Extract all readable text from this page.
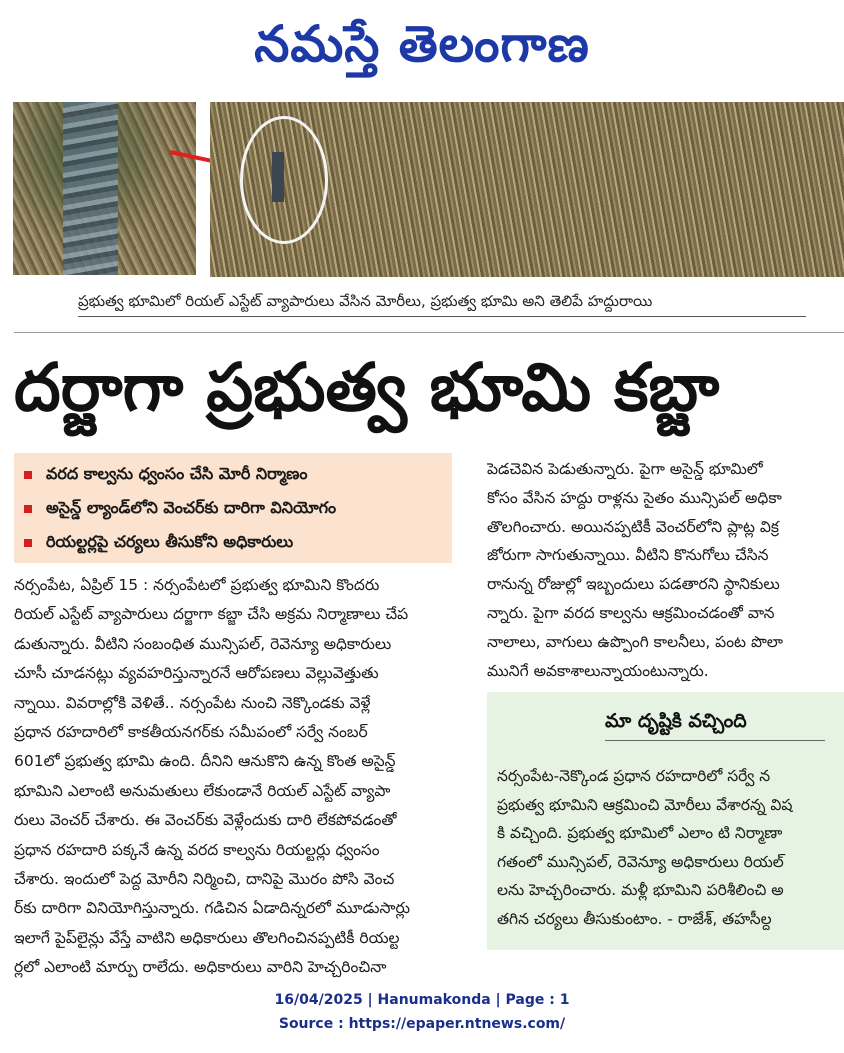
నమస్తే తెలంగాణ
ప్రభుత్వ భూమిలో రియల్ ఎస్టేట్ వ్యాపారులు వేసిన మోరీలు, ప్రభుత్వ భూమి అని తెలిపే హద్దురాయి
దర్జాగా ప్రభుత్వ భూమి కబ్జా
వరద కాల్వను ధ్వంసం చేసి మోరీ నిర్మాణం
అసైన్డ్ ల్యాండ్‌లోని వెంచర్‌కు దారిగా వినియోగం
రియల్టర్లపై చర్యలు తీసుకోని అధికారులు
నర్సంపేట, ఏప్రిల్ 15 : నర్సంపేటలో ప్రభుత్వ భూమిని కొందరు
రియల్ ఎస్టేట్ వ్యాపారులు దర్జాగా కబ్జా చేసి అక్రమ నిర్మాణాలు చేప
డుతున్నారు. వీటిని సంబంధిత మున్సిపల్, రెవెన్యూ అధికారులు
చూసీ చూడనట్లు వ్యవహరిస్తున్నారనే ఆరోపణలు వెల్లువెత్తుతు
న్నాయి. వివరాల్లోకి వెళితే.. నర్సంపేట నుంచి నెక్కొండకు వెళ్లే
ప్రధాన రహదారిలో కాకతీయనగర్‌కు సమీపంలో సర్వే నంబర్
601లో ప్రభుత్వ భూమి ఉంది. దీనిని ఆనుకొని ఉన్న కొంత అసైన్డ్
భూమిని ఎలాంటి అనుమతులు లేకుండానే రియల్ ఎస్టేట్ వ్యాపా
రులు వెంచర్ చేశారు. ఈ వెంచర్‌కు వెళ్లేందుకు దారి లేకపోవడంతో
ప్రధాన రహదారి పక్కనే ఉన్న వరద కాల్వను రియల్టర్లు ధ్వంసం
చేశారు. ఇందులో పెద్ద మోరీని నిర్మించి, దానిపై మొరం పోసి వెంచ
ర్‌కు దారిగా వినియోగిస్తున్నారు. గడిచిన ఏడాదిన్నరలో మూడుసార్లు
ఇలాగే పైప్‌లైన్లు వేస్తే వాటిని అధికారులు తొలగించినప్పటికీ రియల్ట
ర్లలో ఎలాంటి మార్పు రాలేదు. అధికారులు వారిని హెచ్చరించినా
పెడచెవిన పెడుతున్నారు. పైగా అసైన్డ్ భూమిలో
కోసం వేసిన హద్దు రాళ్లను సైతం మున్సిపల్ అధికా
తొలగించారు. అయినప్పటికీ వెంచర్‌లోని ప్లాట్ల విక్ర
జోరుగా సాగుతున్నాయి. వీటిని కొనుగోలు చేసిన
రానున్న రోజుల్లో ఇబ్బందులు పడతారని స్థానికులు
న్నారు. పైగా వరద కాల్వను ఆక్రమించడంతో వాన
నాలాలు, వాగులు ఉప్పొంగి కాలనీలు, పంట పొలా
మునిగే అవకాశాలున్నాయంటున్నారు.
మా దృష్టికి వచ్చింది
నర్సంపేట-నెక్కొండ ప్రధాన రహదారిలో సర్వే న
ప్రభుత్వ భూమిని ఆక్రమించి మోరీలు వేశారన్న విష
కి వచ్చింది. ప్రభుత్వ భూమిలో ఎలాం టి నిర్మాణా
గతంలో మున్సిపల్, రెవెన్యూ అధికారులు రియల్
లను హెచ్చరించారు. మళ్లీ భూమిని పరిశీలించి అ
తగిన చర్యలు తీసుకుంటాం. - రాజేశ్, తహసీల్ద
16/04/2025 | Hanumakonda | Page : 1
Source : https://epaper.ntnews.com/
